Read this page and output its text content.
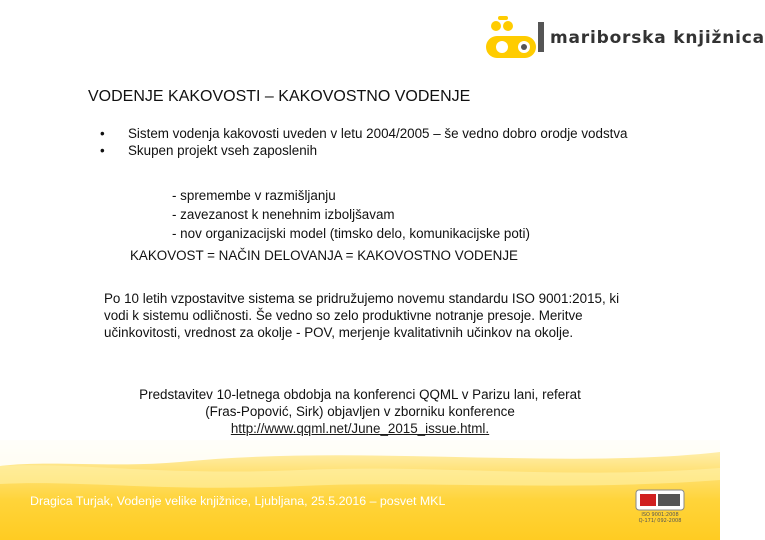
mariborska knjižnica
VODENJE KAKOVOSTI – KAKOVOSTNO VODENJE
• Sistem vodenja kakovosti uveden v letu 2004/2005 – še vedno dobro orodje vodstva
• Skupen projekt vseh zaposlenih
- spremembe v razmišljanju
- zavezanost k nenehnim izboljšavam
- nov organizacijski model (timsko delo, komunikacijske poti)
KAKOVOST = NAČIN DELOVANJA = KAKOVOSTNO VODENJE
Po 10 letih vzpostavitve sistema se pridružujemo novemu standardu ISO 9001:2015, ki vodi k sistemu odličnosti. Še vedno so zelo produktivne notranje presoje. Meritve učinkovitosti, vrednost za okolje - POV, merjenje kvalitativnih učinkov na okolje.
Predstavitev 10-letnega obdobja na konferenci QQML v Parizu lani, referat (Fras-Popović, Sirk) objavljen v zborniku konference
http://www.qqml.net/June_2015_issue.html.
Dragica Turjak, Vodenje velike knjižnice, Ljubljana, 25.5.2016 – posvet MKL
ISO 9001:2008
Q-171/ 092-2008
